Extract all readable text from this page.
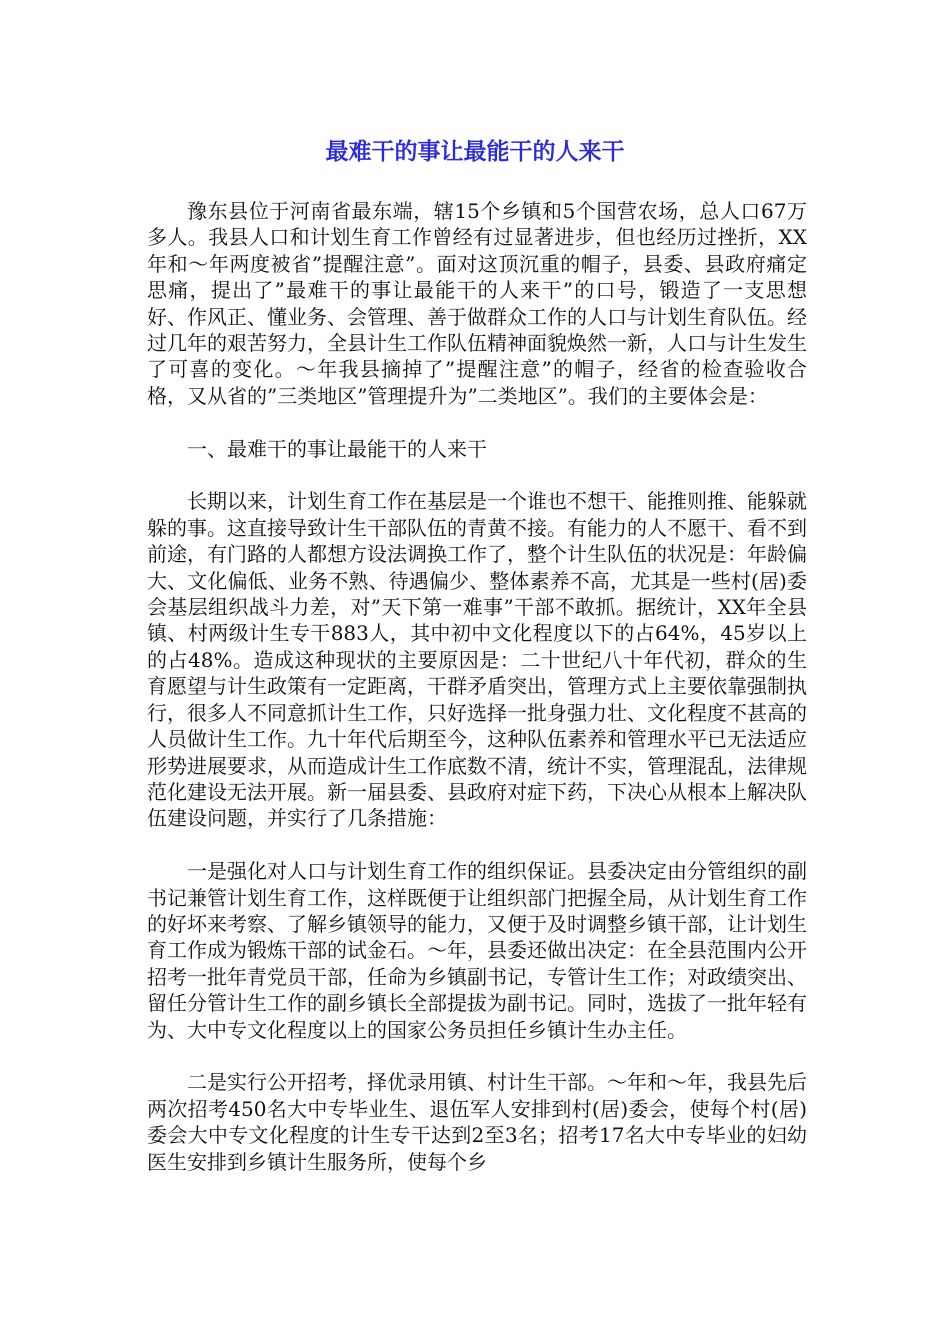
最难干的事让最能干的人来干

豫东县位于河南省最东端，辖15个乡镇和5个国营农场，总人口67万多人。我县人口和计划生育工作曾经有过显著进步，但也经历过挫折，XX年和～年两度被省”提醒注意”。面对这顶沉重的帽子，县委、县政府痛定思痛，提出了”最难干的事让最能干的人来干”的口号，锻造了一支思想好、作风正、懂业务、会管理、善于做群众工作的人口与计划生育队伍。经过几年的艰苦努力，全县计生工作队伍精神面貌焕然一新，人口与计生发生了可喜的变化。～年我县摘掉了”提醒注意”的帽子，经省的检查验收合格，又从省的”三类地区”管理提升为”二类地区”。我们的主要体会是：

一、最难干的事让最能干的人来干

长期以来，计划生育工作在基层是一个谁也不想干、能推则推、能躲就躲的事。这直接导致计生干部队伍的青黄不接。有能力的人不愿干、看不到前途，有门路的人都想方设法调换工作了，整个计生队伍的状况是：年龄偏大、文化偏低、业务不熟、待遇偏少、整体素养不高，尤其是一些村(居)委会基层组织战斗力差，对”天下第一难事”干部不敢抓。据统计，XX年全县镇、村两级计生专干883人，其中初中文化程度以下的占64%，45岁以上的占48%。造成这种现状的主要原因是：二十世纪八十年代初，群众的生育愿望与计生政策有一定距离，干群矛盾突出，管理方式上主要依靠强制执行，很多人不同意抓计生工作，只好选择一批身强力壮、文化程度不甚高的人员做计生工作。九十年代后期至今，这种队伍素养和管理水平已无法适应形势进展要求，从而造成计生工作底数不清，统计不实，管理混乱，法律规范化建设无法开展。新一届县委、县政府对症下药，下决心从根本上解决队伍建设问题，并实行了几条措施：

一是强化对人口与计划生育工作的组织保证。县委决定由分管组织的副书记兼管计划生育工作，这样既便于让组织部门把握全局，从计划生育工作的好坏来考察、了解乡镇领导的能力，又便于及时调整乡镇干部，让计划生育工作成为锻炼干部的试金石。～年，县委还做出决定：在全县范围内公开招考一批年青党员干部，任命为乡镇副书记，专管计生工作；对政绩突出、留任分管计生工作的副乡镇长全部提拔为副书记。同时，选拔了一批年轻有为、大中专文化程度以上的国家公务员担任乡镇计生办主任。

二是实行公开招考，择优录用镇、村计生干部。～年和～年，我县先后两次招考450名大中专毕业生、退伍军人安排到村(居)委会，使每个村(居)委会大中专文化程度的计生专干达到2至3名；招考17名大中专毕业的妇幼医生安排到乡镇计生服务所，使每个乡
